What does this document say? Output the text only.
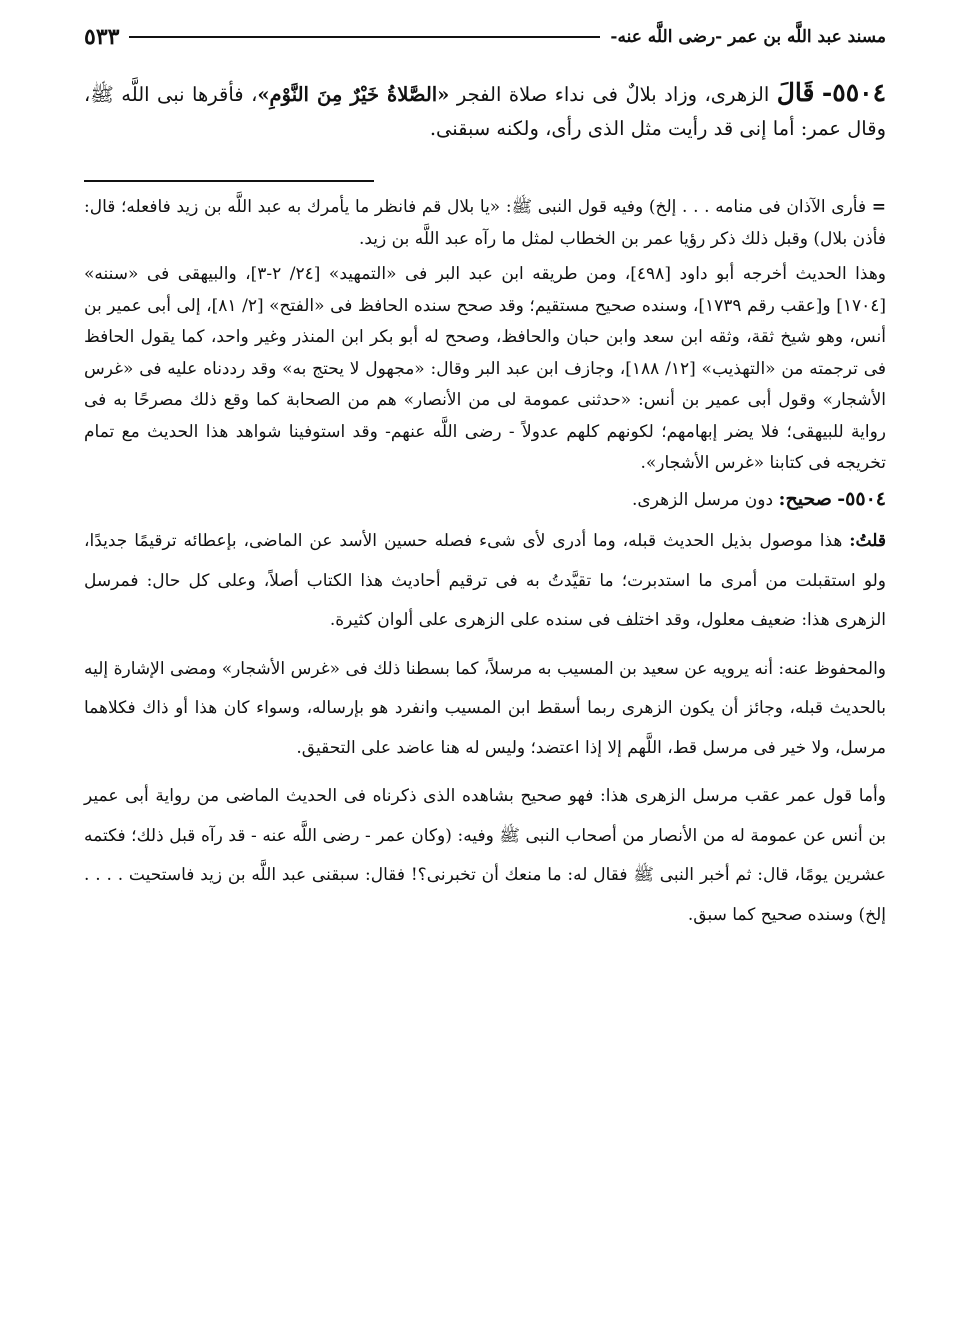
مسند عبد اللَّه بن عمر -رضى اللَّه عنه-
٥٣٣
٥٥٠٤- قَالَ الزهرى، وزاد بلالٌ فى نداء صلاة الفجر «الصَّلاةُ خَيْرٌ مِنَ النَّوْمِ»، فأقرها نبى اللَّه ﷺ، وقال عمر: أما إنى قد رأيت مثل الذى رأى، ولكنه سبقنى.

= فأرى الآذان فى منامه . . . إلخ) وفيه قول النبى ﷺ: «يا بلال قم فانظر ما يأمرك به عبد اللَّه بن زيد فافعله؛ قال: فأذن بلال) وقبل ذلك ذكر رؤيا عمر بن الخطاب لمثل ما رآه عبد اللَّه بن زيد.

وهذا الحديث أخرجه أبو داود [٤٩٨]، ومن طريقه ابن عبد البر فى «التمهيد» [٢٤/ ٢-٣]، والبيهقى فى «سننه» [١٧٠٤] و[عقب رقم ١٧٣٩]، وسنده صحيح مستقيم؛ وقد صحح سنده الحافظ فى «الفتح» [٢/ ٨١]، إلى أبى عمير بن أنس، وهو شيخ ثقة، وثقه ابن سعد وابن حبان والحافظ، وصحح له أبو بكر ابن المنذر وغير واحد، كما يقول الحافظ فى ترجمته من «التهذيب» [١٢/ ١٨٨]، وجازف ابن عبد البر وقال: «مجهول لا يحتج به» وقد رددناه عليه فى «غرس الأشجار» وقول أبى عمير بن أنس: «حدثنى عمومة لى من الأنصار» هم من الصحابة كما وقع ذلك مصرحًا به فى رواية للبيهقى؛ فلا يضر إبهامهم؛ لكونهم كلهم عدولاً - رضى اللَّه عنهم- وقد استوفينا شواهد هذا الحديث مع تمام تخريجه فى كتابنا «غرس الأشجار».

٥٥٠٤- صحيح: دون مرسل الزهرى.

قلتُ: هذا موصول بذيل الحديث قبله، وما أدرى لأى شىء فصله حسين الأسد عن الماضى، بإعطائه ترقيمًا جديدًا، ولو استقبلت من أمرى ما استدبرت؛ ما تقيَّدتُ به فى ترقيم أحاديث هذا الكتاب أصلاً، وعلى كل حال: فمرسل الزهرى هذا: ضعيف معلول، وقد اختلف فى سنده على الزهرى على ألوان كثيرة.

والمحفوظ عنه: أنه يرويه عن سعيد بن المسيب به مرسلاً، كما بسطنا ذلك فى «غرس الأشجار» ومضى الإشارة إليه بالحديث قبله، وجائز أن يكون الزهرى ربما أسقط ابن المسيب وانفرد هو بإرساله، وسواء كان هذا أو ذاك فكلاهما مرسل، ولا خير فى مرسل قط، اللَّهم إلا إذا اعتضد؛ وليس له هنا عاضد على التحقيق.

وأما قول عمر عقب مرسل الزهرى هذا: فهو صحيح بشاهده الذى ذكرناه فى الحديث الماضى من رواية أبى عمير بن أنس عن عمومة له من الأنصار من أصحاب النبى ﷺ وفيه: (وكان عمر - رضى اللَّه عنه - قد رآه قبل ذلك؛ فكتمه عشرين يومًا، قال: ثم أخبر النبى ﷺ فقال له: ما منعك أن تخبرنى؟! فقال: سبقنى عبد اللَّه بن زيد فاستحيت . . . . إلخ) وسنده صحيح كما سبق.
